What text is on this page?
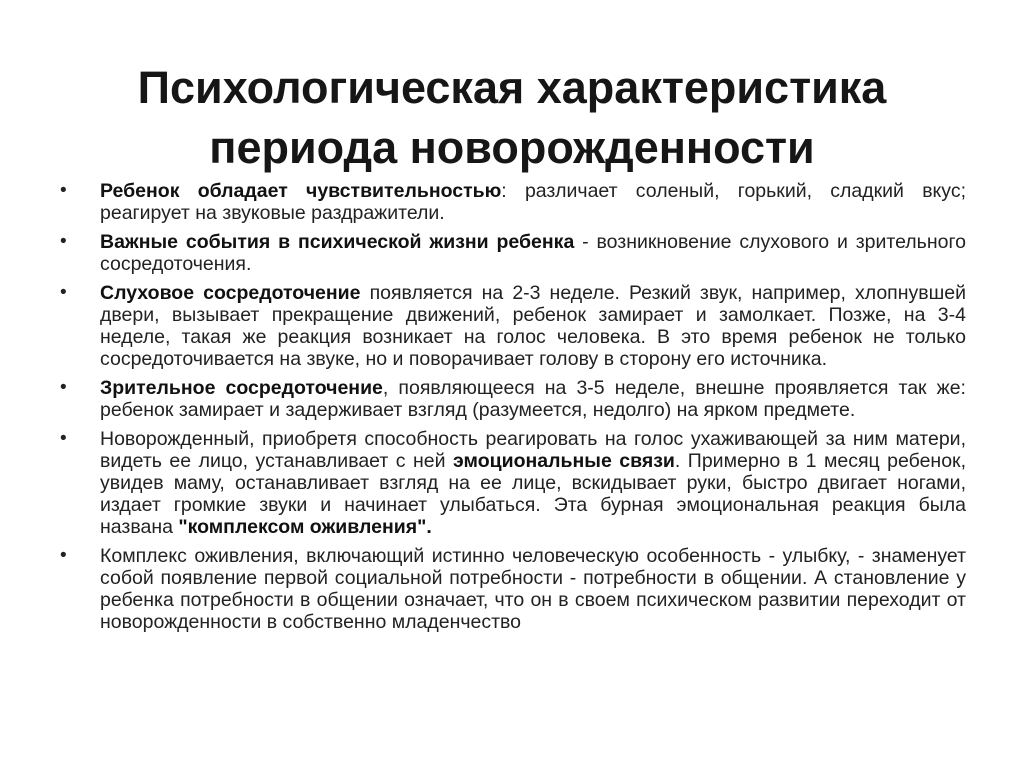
Психологическая характеристика
периода новорожденности
•	Ребенок обладает чувствительностью: различает соленый, горький, сладкий вкус; реагирует на звуковые раздражители.
•	Важные события в психической жизни ребенка - возникновение слухового и зрительного сосредоточения.
•	Слуховое сосредоточение появляется на 2-3 неделе. Резкий звук, например, хлопнувшей двери, вызывает прекращение движений, ребенок замирает и замолкает. Позже, на 3-4 неделе, такая же реакция возникает на голос человека. В это время ребенок не только сосредоточивается на звуке, но и поворачивает голову в сторону его источника.
•	Зрительное сосредоточение, появляющееся на 3-5 неделе, внешне проявляется так же: ребенок замирает и задерживает взгляд (разумеется, недолго) на ярком предмете.
•	Новорожденный, приобретя способность реагировать на голос ухаживающей за ним матери, видеть ее лицо, устанавливает с ней эмоциональные связи. Примерно в 1 месяц ребенок, увидев маму, останавливает взгляд на ее лице, вскидывает руки, быстро двигает ногами, издает громкие звуки и начинает улыбаться. Эта бурная эмоциональная реакция была названа "комплексом оживления".
•	Комплекс оживления, включающий истинно человеческую особенность - улыбку, - знаменует собой появление первой социальной потребности - потребности в общении. А становление у ребенка потребности в общении означает, что он в своем психическом развитии переходит от новорожденности в собственно младенчество
